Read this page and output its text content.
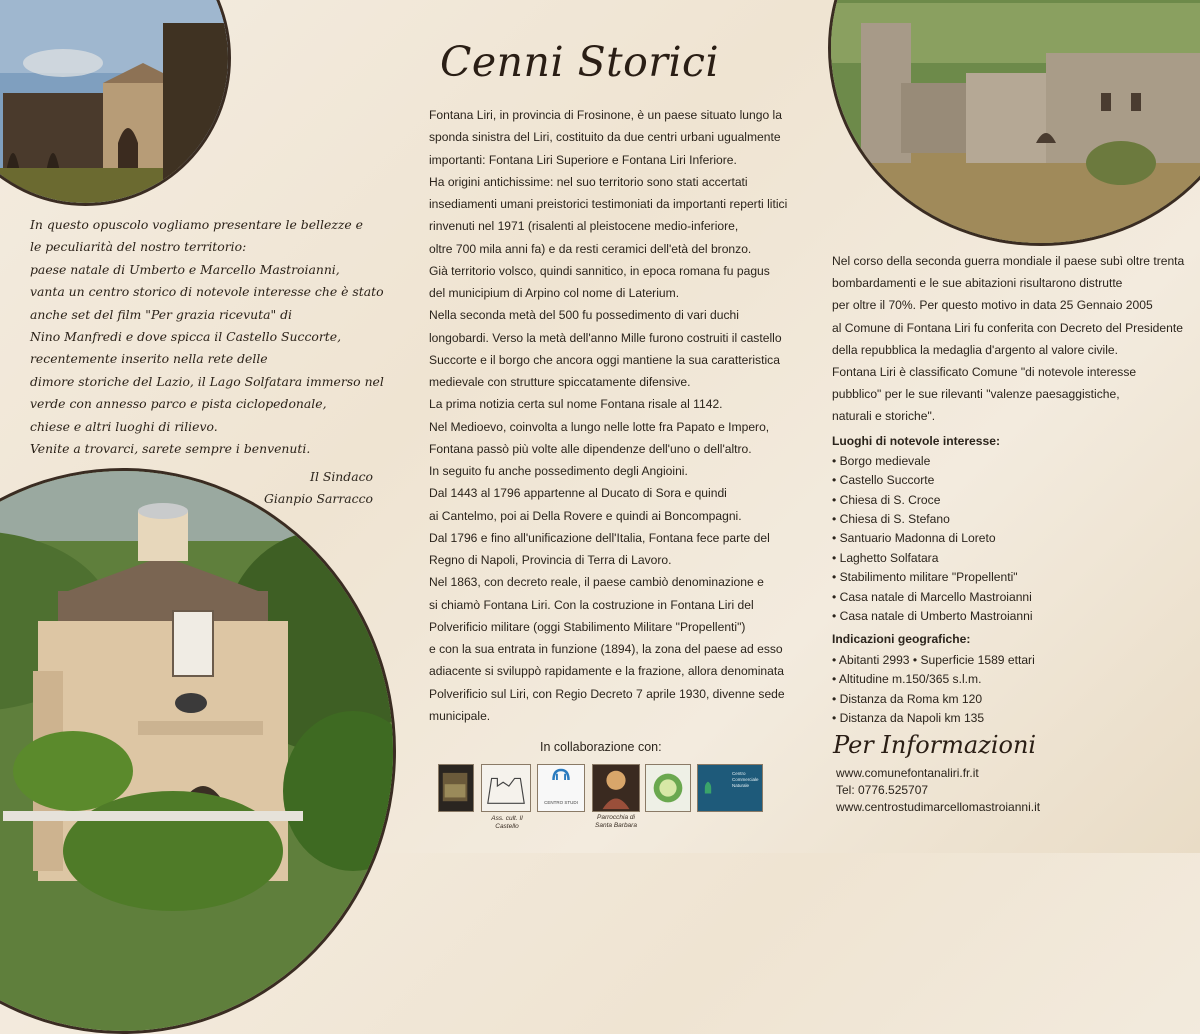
In questo opuscolo vogliamo presentare le bellezze e

le peculiarità del nostro territorio:

paese natale di Umberto e Marcello Mastroianni,

vanta un centro storico di notevole interesse che è stato

anche set del film "Per grazia ricevuta" di

Nino Manfredi e dove spicca il Castello Succorte,

recentemente inserito nella rete delle

dimore storiche del Lazio, il Lago Solfatara immerso nel

verde con annesso parco e pista ciclopedonale,

chiese e altri luoghi di rilievo.

Venite a trovarci, sarete sempre i benvenuti.

Il Sindaco
Gianpio Sarracco
Cenni Storici

Fontana Liri, in provincia di Frosinone, è un paese situato lungo la

sponda sinistra del Liri, costituito da due centri urbani ugualmente

importanti: Fontana Liri Superiore e Fontana Liri Inferiore.

Ha origini antichissime: nel suo territorio sono stati accertati

insediamenti umani preistorici testimoniati da importanti reperti litici

rinvenuti nel 1971 (risalenti al pleistocene medio-inferiore,

oltre 700 mila anni fa) e da resti ceramici dell'età del bronzo.

Già territorio volsco, quindi sannitico, in epoca romana fu pagus

del municipium di Arpino col nome di Laterium.

Nella seconda metà del 500 fu possedimento di vari duchi

longobardi. Verso la metà dell'anno Mille furono costruiti il castello

Succorte e il borgo che ancora oggi mantiene la sua caratteristica

medievale con strutture spiccatamente difensive.

La prima notizia certa sul nome Fontana risale al 1142.

Nel Medioevo, coinvolta a lungo nelle lotte fra Papato e Impero,

Fontana passò più volte alle dipendenze dell'uno o dell'altro.

In seguito fu anche possedimento degli Angioini.

Dal 1443 al 1796 appartenne al Ducato di Sora e quindi

ai Cantelmo, poi ai Della Rovere e quindi ai Boncompagni.

Dal 1796 e fino all'unificazione dell'Italia, Fontana fece parte del

Regno di Napoli, Provincia di Terra di Lavoro.

Nel 1863, con decreto reale, il paese cambiò denominazione e

si chiamò Fontana Liri. Con la costruzione in Fontana Liri del

Polverificio militare (oggi Stabilimento Militare "Propellenti")

e con la sua entrata in funzione (1894), la zona del paese ad esso

adiacente si sviluppò rapidamente e la frazione, allora denominata

Polverificio sul Liri, con Regio Decreto 7 aprile 1930, divenne sede

municipale.

In collaborazione con:
Ass. cult. Il Castello
CENTRO STUDI
Parrocchia di
Santa Barbara
Centro Commerciale Naturale

Nel corso della seconda guerra mondiale il paese subì oltre trenta

bombardamenti e le sue abitazioni risultarono distrutte

per oltre il 70%. Per questo motivo in data 25 Gennaio 2005

al Comune di Fontana Liri fu conferita con Decreto del Presidente

della repubblica la medaglia d'argento al valore civile.

Fontana Liri è classificato Comune "di notevole interesse

pubblico" per le sue rilevanti "valenze paesaggistiche,

naturali e storiche".

Luoghi di notevole interesse:

• Borgo medievale

• Castello Succorte

• Chiesa di S. Croce

• Chiesa di S. Stefano

• Santuario Madonna di Loreto

• Laghetto Solfatara

• Stabilimento militare "Propellenti"

• Casa natale di Marcello Mastroianni

• Casa natale di Umberto Mastroianni

Indicazioni geografiche:

• Abitanti 2993 • Superficie 1589 ettari

• Altitudine m.150/365 s.l.m.

• Distanza da Roma km 120

• Distanza da Napoli km 135

Per Informazioni
www.comunefontanaliri.fr.it
Tel: 0776.525707
www.centrostudimarcellomastroianni.it
